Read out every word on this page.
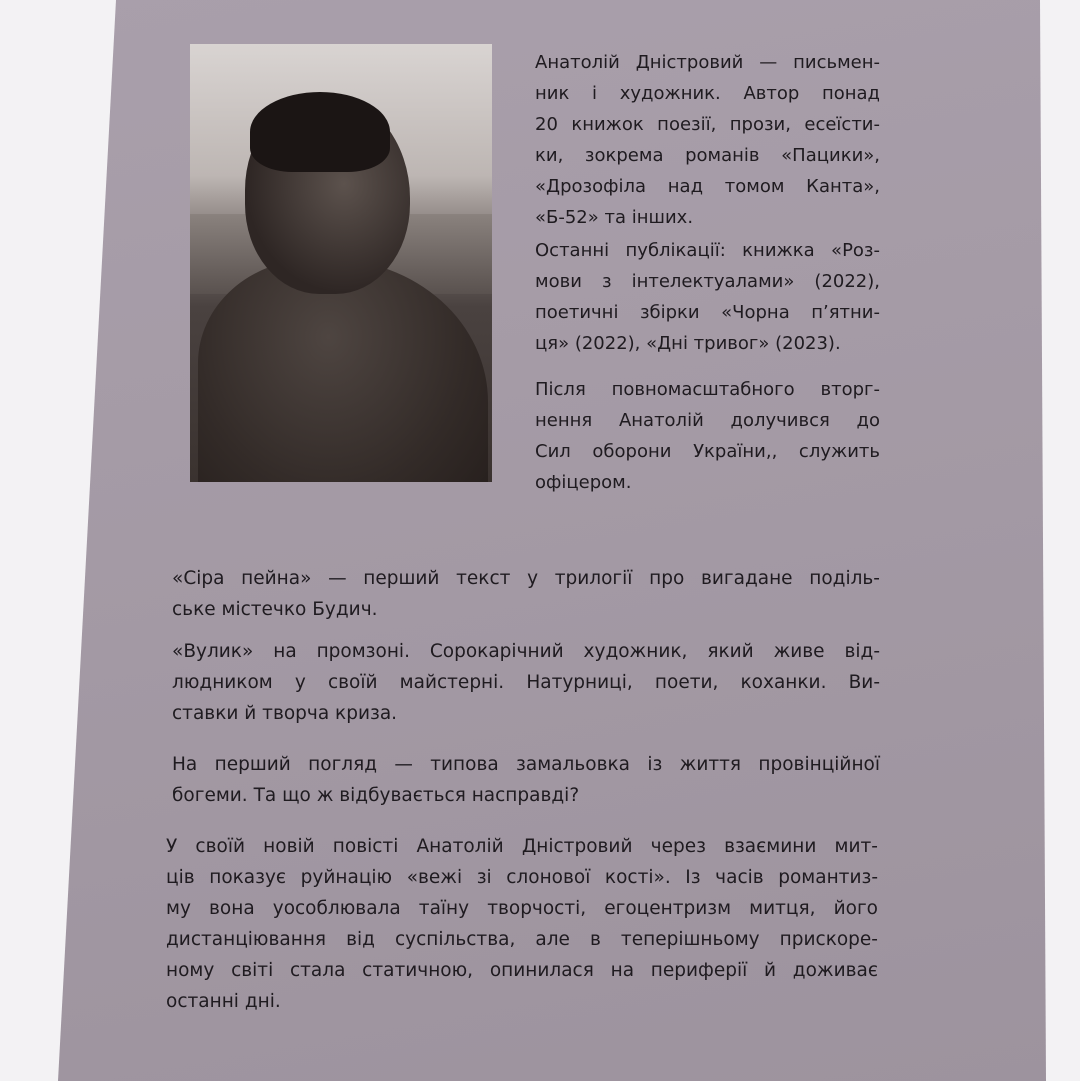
Анатолій Дністровий — письмен-
ник і художник. Автор понад
20 книжок поезії, прози, есеїсти-
ки, зокрема романів «Пацики»,
«Дрозофіла над томом Канта»,
«Б-52» та інших.
Останні публікації: книжка «Роз-
мови з інтелектуалами» (2022),
поетичні збірки «Чорна п’ятни-
ця» (2022), «Дні тривог» (2023).
Після повномасштабного вторг-
нення Анатолій долучився до
Сил оборони України,, служить
офіцером.
«Сіра пейна» — перший текст у трилогії про вигадане поділь-
ське містечко Будич.
«Вулик» на промзоні. Сорокарічний художник, який живе від-
людником у своїй майстерні. Натурниці, поети, коханки. Ви-
ставки й творча криза.
На перший погляд — типова замальовка із життя провінційної
богеми. Та що ж відбувається насправді?
У своїй новій повісті Анатолій Дністровий через взаємини мит-
ців показує руйнацію «вежі зі слонової кості». Із часів романтиз-
му вона уособлювала таїну творчості, егоцентризм митця, його
дистанціювання від суспільства, але в теперішньому прискоре-
ному світі стала статичною, опинилася на периферії й доживає
останні дні.
